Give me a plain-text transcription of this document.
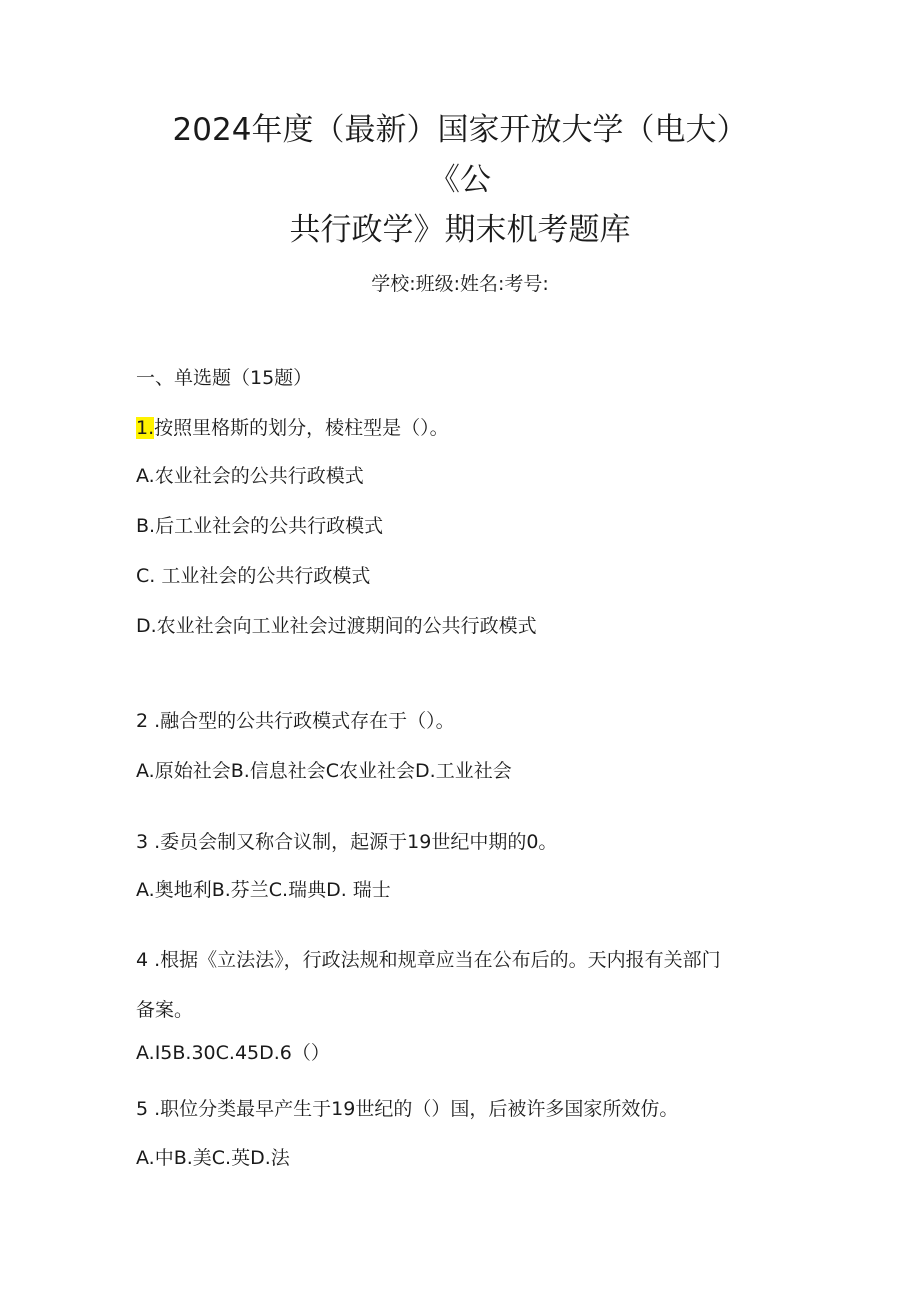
2024年度（最新）国家开放大学（电大）
《公
共行政学》期末机考题库
学校:班级:姓名:考号:
一、单选题（15题）
1.按照里格斯的划分，棱柱型是（）。
A.农业社会的公共行政模式
B.后工业社会的公共行政模式
C. 工业社会的公共行政模式
D.农业社会向工业社会过渡期间的公共行政模式
2 .融合型的公共行政模式存在于（）。
A.原始社会B.信息社会C农业社会D.工业社会
3 .委员会制又称合议制，起源于19世纪中期的0。
A.奥地利B.芬兰C.瑞典D. 瑞士
4 .根据《立法法》，行政法规和规章应当在公布后的。天内报有关部门
备案。
A.I5B.30C.45D.6（）
5 .职位分类最早产生于19世纪的（）国，后被许多国家所效仿。
A.中B.美C.英D.法
